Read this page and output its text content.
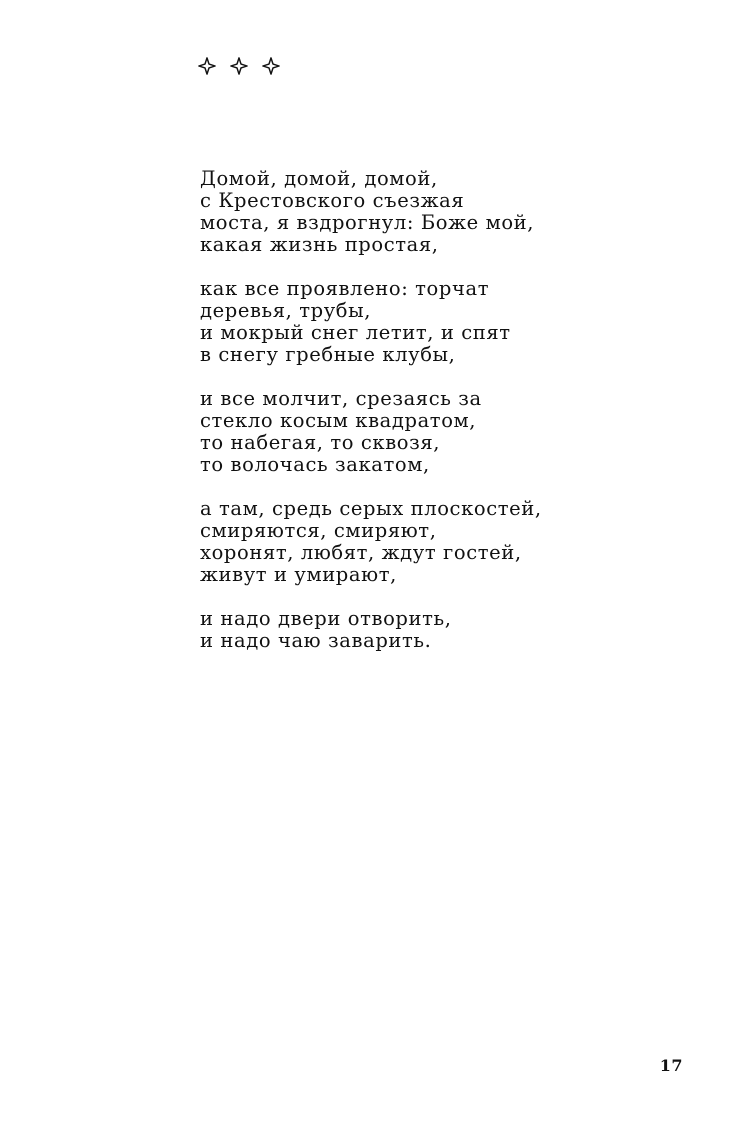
Домой, домой, домой,
с Крестовского съезжая
моста, я вздрогнул: Боже мой,
какая жизнь простая,
как все проявлено: торчат
деревья, трубы,
и мокрый снег летит, и спят
в снегу гребные клубы,
и все молчит, срезаясь за
стекло косым квадратом,
то набегая, то сквозя,
то волочась закатом,
а там, средь серых плоскостей,
смиряются, смиряют,
хоронят, любят, ждут гостей,
живут и умирают,
и надо двери отворить,
и надо чаю заварить.
17
